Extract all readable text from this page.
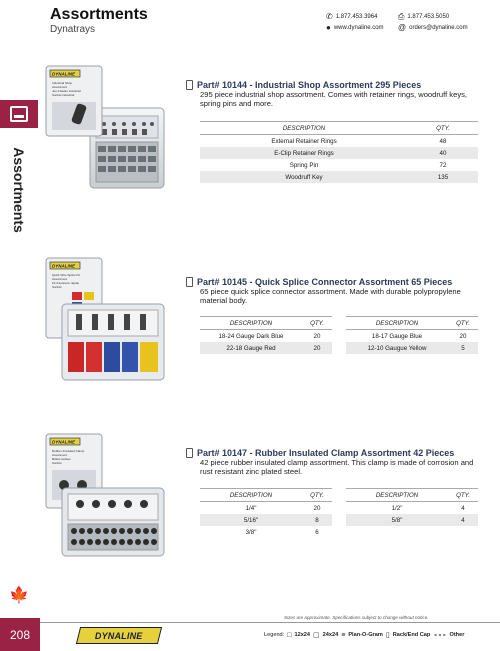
Assortments
🍁
208
Assortments
Dynatrays
✆ 1.877.453.3964	⎙ 1.877.453.5050
● www.dynaline.com @ orders@dynaline.com
DYNALINE
Industrial Shop
Assortment
Jeu d'atelier industriel
Surtido industrial
Part# 10144 - Industrial Shop Assortment 295 Pieces
295 piece industrial shop assortment. Comes with retainer rings, woodruff keys, spring pins and more.
DESCRIPTION	QTY.
External Retainer Rings	48
E-Clip Retainer Rings	40
Spring Pin	72
Woodruff Key	135
DYNALINE
Quick Wire Splice Kit
Assortment
Kit d'épissure rapide
Surtido	Part# 10145 - Quick Splice Connector Assortment 65 Pieces
65 piece quick splice connector assortment. Made with durable polypropylene material body.
DESCRIPTION	QTY.		DESCRIPTION	QTY.
18-24 Gauge Dark Blue	20		18-17 Gauge Blue	20
22-18 Gauge Red	20		12-10 Gaugue Yellow	5
DYNALINE
Rubber Insulated Clamp
Assortment
Brides isolées
Surtido
Part# 10147 - Rubber Insulated Clamp Assortment 42 Pieces
42 piece rubber insulated clamp assortment. This clamp is made of corrosion and rust resistant zinc plated steel.
DESCRIPTION	QTY.		DESCRIPTION	QTY.
1/4"	20		1/2"	4
5/16"	8		5/8"	4
3/8"	6			
Sizes are approximate. Specifications subject to change without notice.
DYNALINE	Legend: □ 12x24 ▢ 24x24 ≡ Plan-O-Gram ▯ Rack/End Cap ∘∘∘ Other
